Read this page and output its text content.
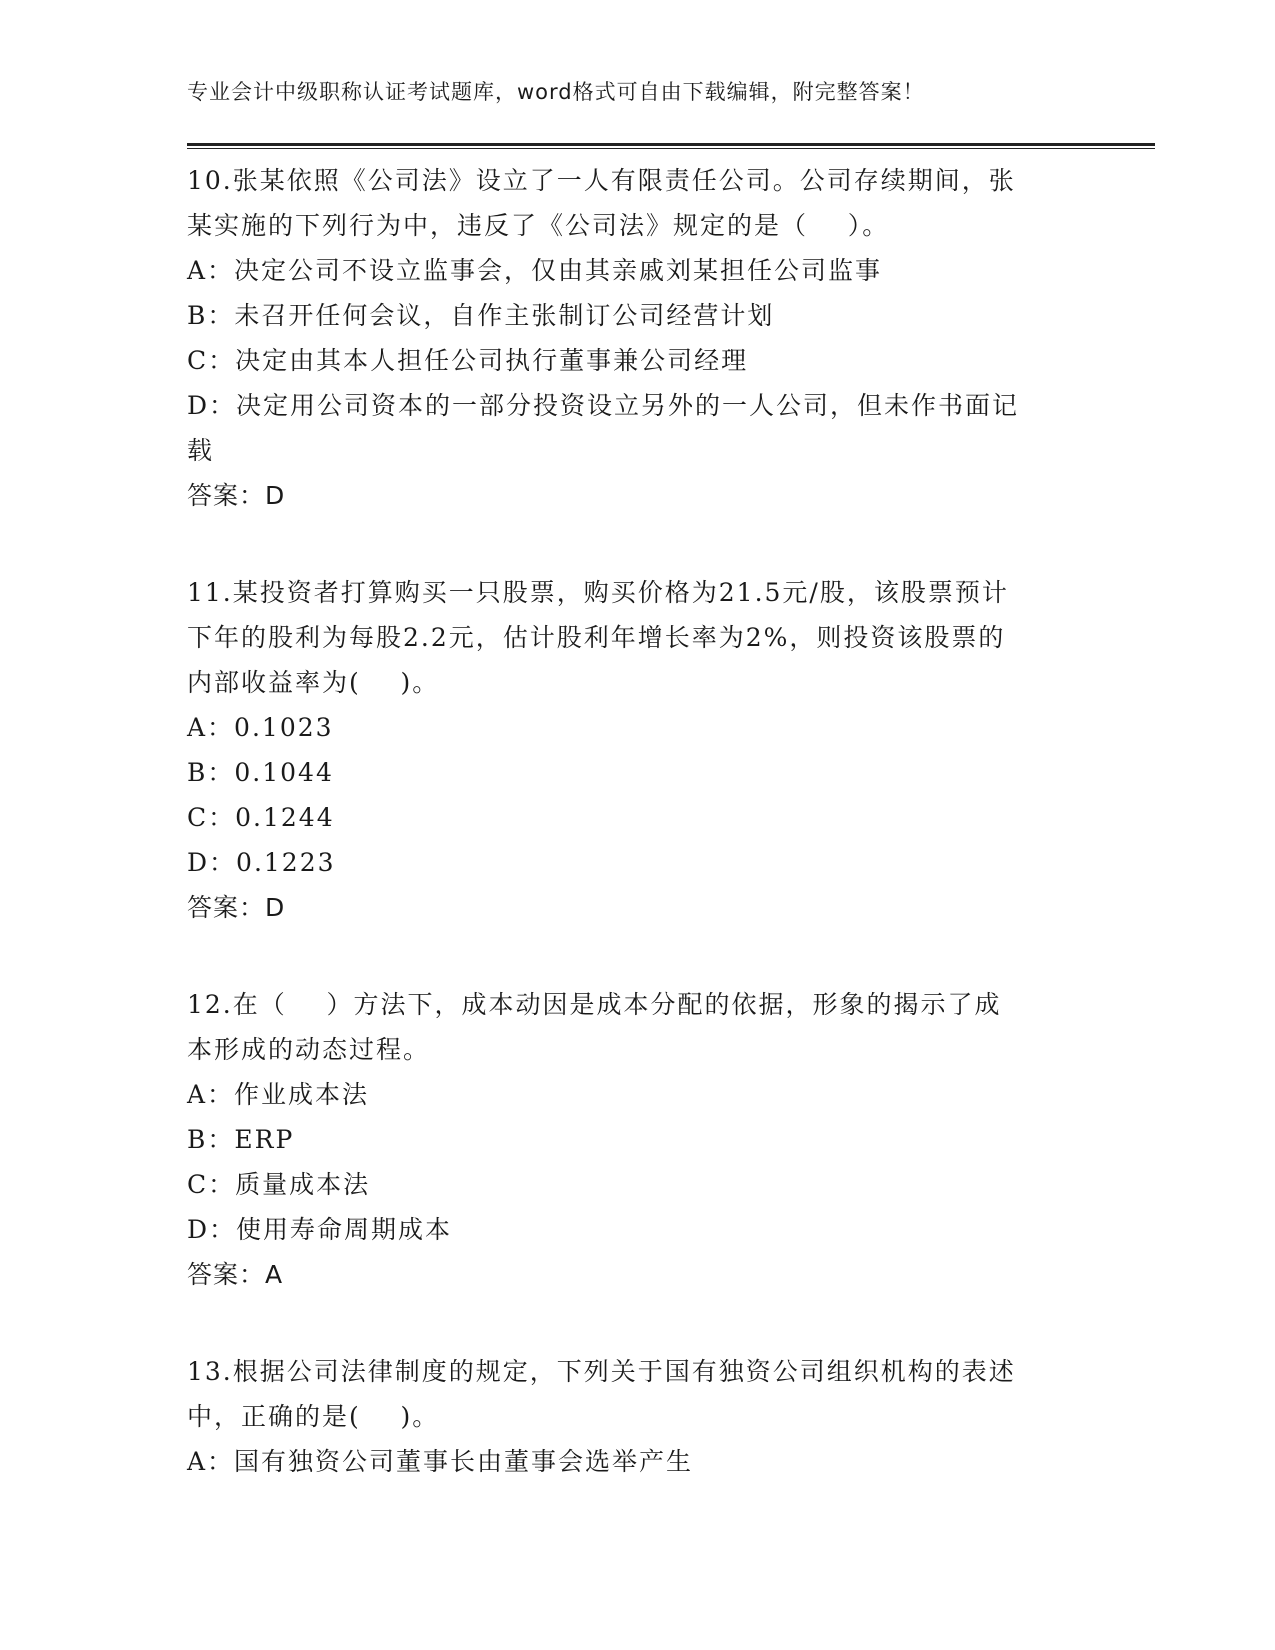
专业会计中级职称认证考试题库，word格式可自由下载编辑，附完整答案！
10.张某依照《公司法》设立了一人有限责任公司。公司存续期间，张
某实施的下列行为中，违反了《公司法》规定的是（    ）。
A：决定公司不设立监事会，仅由其亲戚刘某担任公司监事
B：未召开任何会议，自作主张制订公司经营计划
C：决定由其本人担任公司执行董事兼公司经理
D：决定用公司资本的一部分投资设立另外的一人公司，但未作书面记
载
答案：D
11.某投资者打算购买一只股票，购买价格为21.5元/股，该股票预计
下年的股利为每股2.2元，估计股利年增长率为2%，则投资该股票的
内部收益率为(    )。
A：0.1023
B：0.1044
C：0.1244
D：0.1223
答案：D
12.在（    ）方法下，成本动因是成本分配的依据，形象的揭示了成
本形成的动态过程。
A：作业成本法
B：ERP
C：质量成本法
D：使用寿命周期成本
答案：A
13.根据公司法律制度的规定，下列关于国有独资公司组织机构的表述
中，正确的是(    )。
A：国有独资公司董事长由董事会选举产生
